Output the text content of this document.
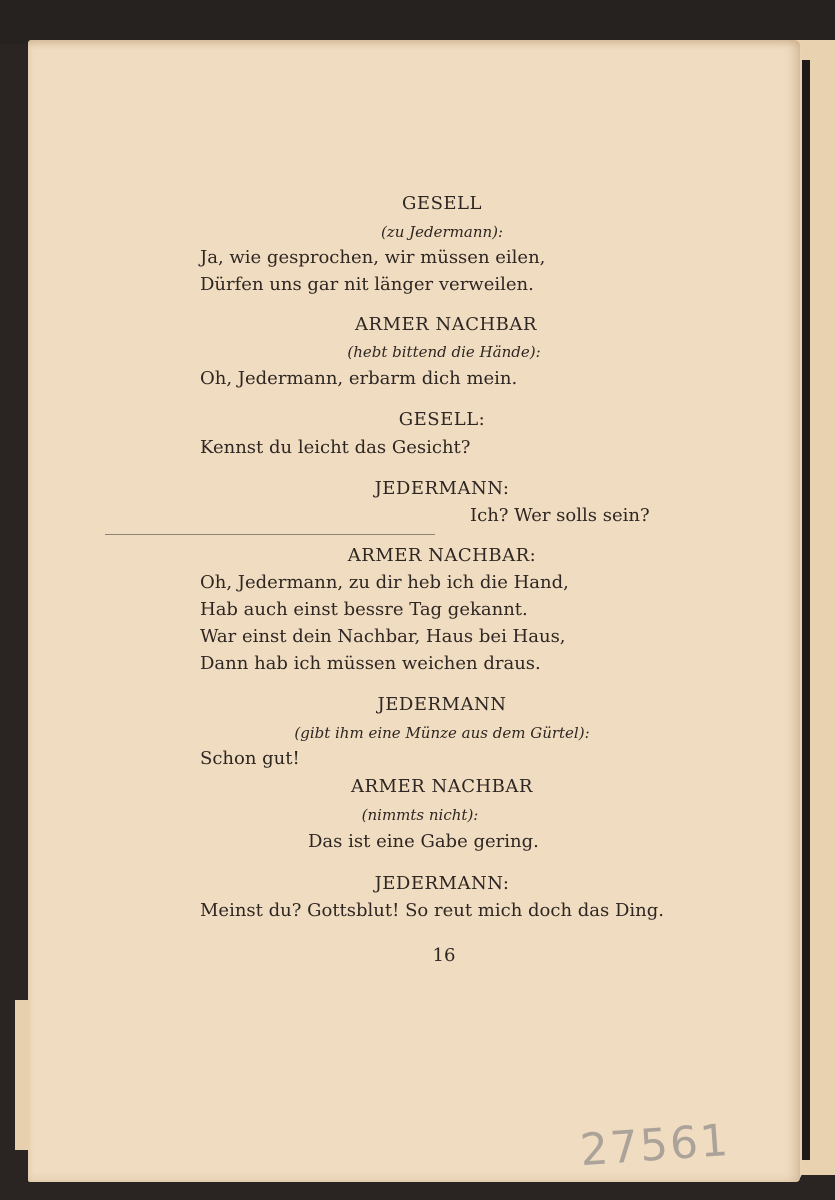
GESELL
(zu Jedermann):
Ja, wie gesprochen, wir müssen eilen,
Dürfen uns gar nit länger verweilen.
ARMER NACHBAR
(hebt bittend die Hände):
Oh, Jedermann, erbarm dich mein.
GESELL:
Kennst du leicht das Gesicht?
JEDERMANN:
Ich? Wer solls sein?
ARMER NACHBAR:
Oh, Jedermann, zu dir heb ich die Hand,
Hab auch einst bessre Tag gekannt.
War einst dein Nachbar, Haus bei Haus,
Dann hab ich müssen weichen draus.
JEDERMANN
(gibt ihm eine Münze aus dem Gürtel):
Schon gut!
ARMER NACHBAR
(nimmts nicht):
Das ist eine Gabe gering.
JEDERMANN:
Meinst du? Gottsblut! So reut mich doch das Ding.
16
27561
